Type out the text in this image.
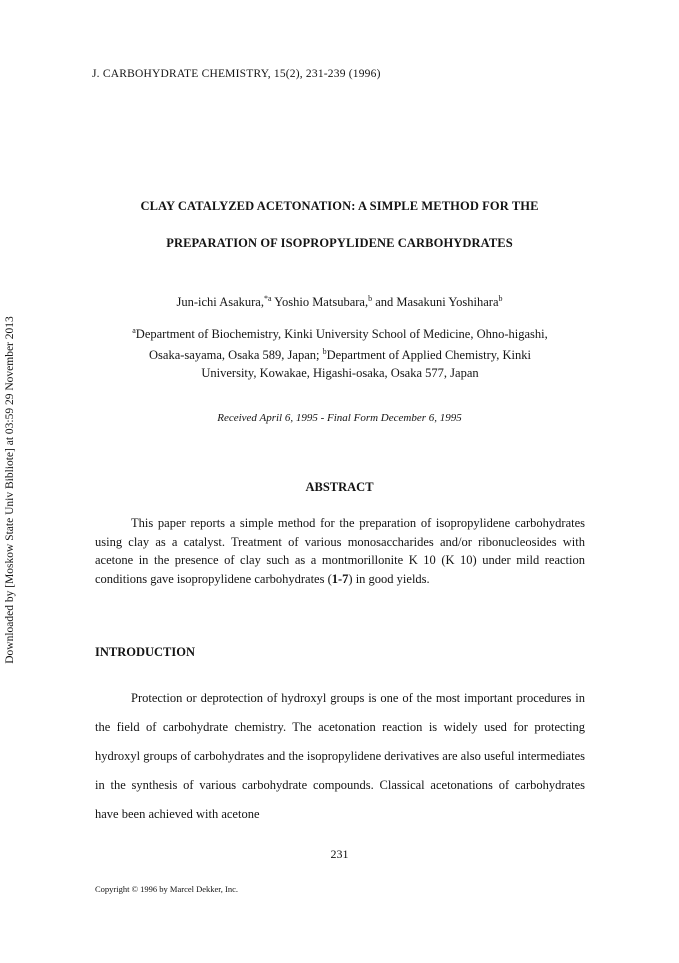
Downloaded by [Moskow State Univ Bibliote] at 03:59 29 November 2013
J. CARBOHYDRATE CHEMISTRY, 15(2), 231-239 (1996)
CLAY CATALYZED ACETONATION: A SIMPLE METHOD FOR THE
PREPARATION OF ISOPROPYLIDENE CARBOHYDRATES
Jun-ichi Asakura,$^{*a}$ Yoshio Matsubara,$^b$ and Masakuni Yoshihara$^b$
$^a$Department of Biochemistry, Kinki University School of Medicine, Ohno-higashi, Osaka-sayama, Osaka 589, Japan; $^b$Department of Applied Chemistry, Kinki University, Kowakae, Higashi-osaka, Osaka 577, Japan
Received April 6, 1995 - Final Form December 6, 1995
ABSTRACT
This paper reports a simple method for the preparation of isopropylidene carbohydrates using clay as a catalyst. Treatment of various monosaccharides and/or ribonucleosides with acetone in the presence of clay such as a montmorillonite K 10 (K 10) under mild reaction conditions gave isopropylidene carbohydrates (1-7) in good yields.
INTRODUCTION
Protection or deprotection of hydroxyl groups is one of the most important procedures in the field of carbohydrate chemistry. The acetonation reaction is widely used for protecting hydroxyl groups of carbohydrates and the isopropylidene derivatives are also useful intermediates in the synthesis of various carbohydrate compounds. Classical acetonations of carbohydrates have been achieved with acetone
231
Copyright © 1996 by Marcel Dekker, Inc.
